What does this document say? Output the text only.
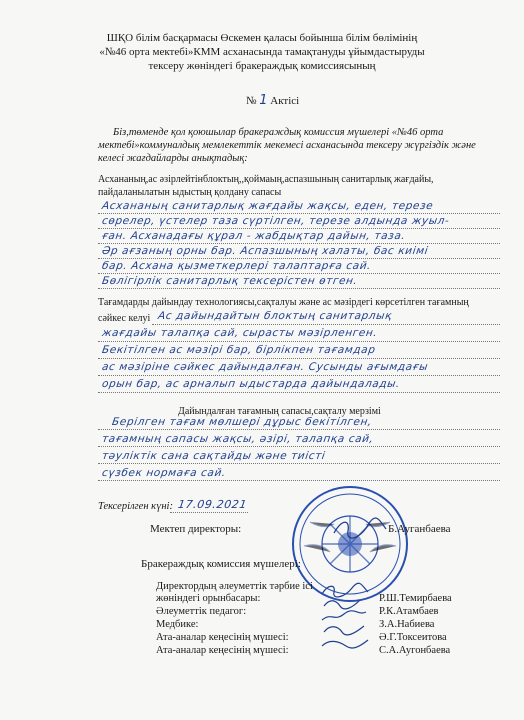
ШҚО білім басқармасы Өскемен қаласы бойынша білім бөлімінің
«№46 орта мектебі»КММ асханасында тамақтануды ұйымдастыруды
тексеру жөніндегі бракераждық комиссиясының
№ 1 Актісі
Біз,төменде қол қоюшылар бракераждық комиссия мүшелері «№46 орта
мектебі»коммуналдық мемлекеттік мекемесі асханасында тексеру жүргіздік және
келесі жағдайларды анықтадық:
Асхананың,ас әзірлейтінблоктың,,қоймаың,аспазшының санитарлық жағдайы,
пайдаланылатын ыдыстың қолдану сапасы
Асхананың санитарлық жағдайы жақсы, еден, терезе
сөрелер, үстелер таза сүртілген, терезе алдында жуыл-
ған. Асханадағы құрал - жабдықтар дайын, таза.
Әр ағзаның орны бар. Аспазшының халаты, бас киімі
бар. Асхана қызметкерлері талаптарға сай.
Бөлігірлік санитарлық тексерістен өтген.
Тағамдарды дайындау технологиясы,сақталуы және ас мәзірдегі көрсетілген тағамның
сәйкес келуі Ас дайындайтын блоктың санитарлық
жағдайы талапқа сай, сырасты мәзірленген.
Бекітілген ас мәзірі бар, бірлікпен тағамдар
ас мәзіріне сәйкес дайындалған. Сусынды ағымдағы
орын бар, ас арналып ыдыстарда дайындалады.
Дайындалған тағамның сапасы,сақталу мерзімі
Берілген тағам мөлшері дұрыс бекітілген,
тағамның сапасы жақсы, әзірі, талапқа сай,
тәуліктік сана сақтайды және тиісті
сүзбек нормаға сай.
Тексерілген күні: 17.09.2021
Мектеп директоры:	Б.Ауганбаева
Бракераждық комиссия мүшелері:
Директордың әлеуметтік тәрбие ісі
жөніндегі орынбасары:	Р.Ш.Темирбаева
Әлеуметтік педагог:	Р.К.Атамбаев
Медбике:	З.А.Набиева
Ата-аналар кеңесінің мүшесі:	Ә.Г.Токсеитова
Ата-аналар кеңесінің мүшесі:	С.А.Аугонбаева
